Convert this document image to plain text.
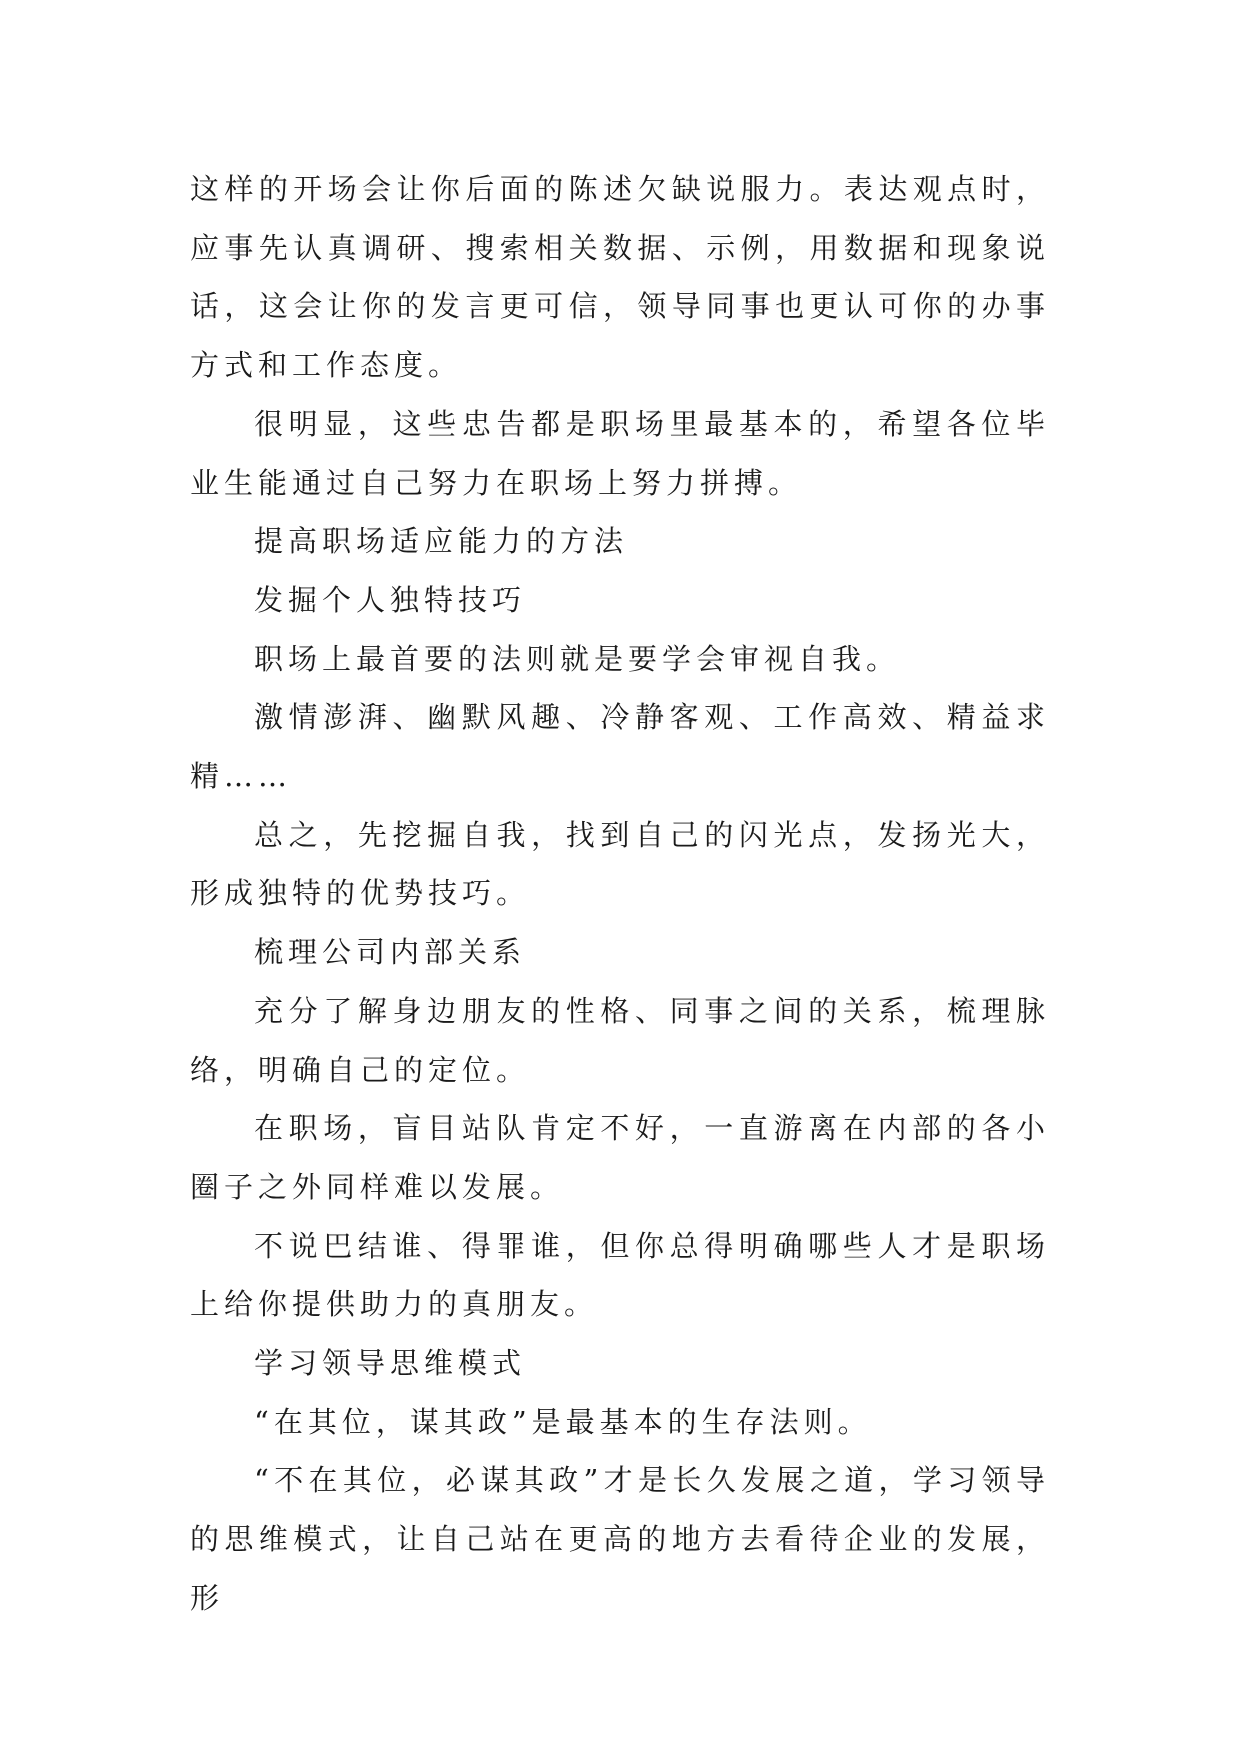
这样的开场会让你后面的陈述欠缺说服力。表达观点时，应事先认真调研、搜索相关数据、示例，用数据和现象说话，这会让你的发言更可信，领导同事也更认可你的办事方式和工作态度。

很明显，这些忠告都是职场里最基本的，希望各位毕业生能通过自己努力在职场上努力拼搏。

提高职场适应能力的方法

发掘个人独特技巧

职场上最首要的法则就是要学会审视自我。

激情澎湃、幽默风趣、冷静客观、工作高效、精益求精……

总之，先挖掘自我，找到自己的闪光点，发扬光大，形成独特的优势技巧。

梳理公司内部关系

充分了解身边朋友的性格、同事之间的关系，梳理脉络，明确自己的定位。

在职场，盲目站队肯定不好，一直游离在内部的各小圈子之外同样难以发展。

不说巴结谁、得罪谁，但你总得明确哪些人才是职场上给你提供助力的真朋友。

学习领导思维模式

“在其位，谋其政”是最基本的生存法则。

“不在其位，必谋其政”才是长久发展之道，学习领导的思维模式，让自己站在更高的地方去看待企业的发展，形
